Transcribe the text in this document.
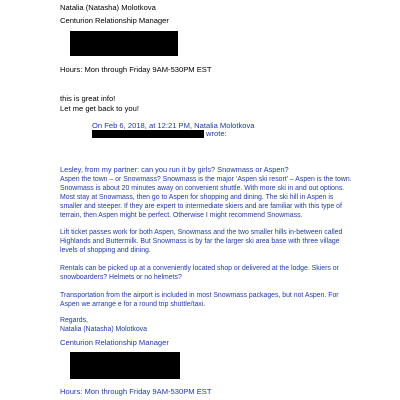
Natalia (Natasha) Molotkova
Centurion Relationship Manager
Hours: Mon through Friday 9AM-530PM EST
this is great info!
Let me get back to you!
On Feb 6, 2018, at 12:21 PM, Natalia Molotkova
wrote:
Lesley, from my partner: can you run it by girls? Snowmass or Aspen?
Aspen the town – or Snowmass? Snowmass is the major ‘Aspen ski resort’ – Aspen is the town.
Snowmass is about 20 minutes away on convenient shuttle. With more ski in and out options.
Most stay at Snowmass, then go to Aspen for shopping and dining. The ski hill in Aspen is
smaller and steeper. If they are expert to intermediate skiers and are familiar with this type of
terrain, then Aspen might be perfect. Otherwise I might recommend Snowmass.
Lift ticket passes work for both Aspen, Snowmass and the two smaller hills in-between called
Highlands and Buttermilk. But Snowmass is by far the larger ski area base with three village
levels of shopping and dining.
Rentals can be picked up at a conveniently located shop or delivered at the lodge. Skiers or
snowboarders? Helmets or no helmets?
Transportation from the airport is included in most Snowmass packages, but not Aspen. For
Aspen we arrange e for a round trip shuttle/taxi.
Regards,
Natalia (Natasha) Molotkova
Centurion Relationship Manager
Hours: Mon through Friday 9AM-530PM EST
